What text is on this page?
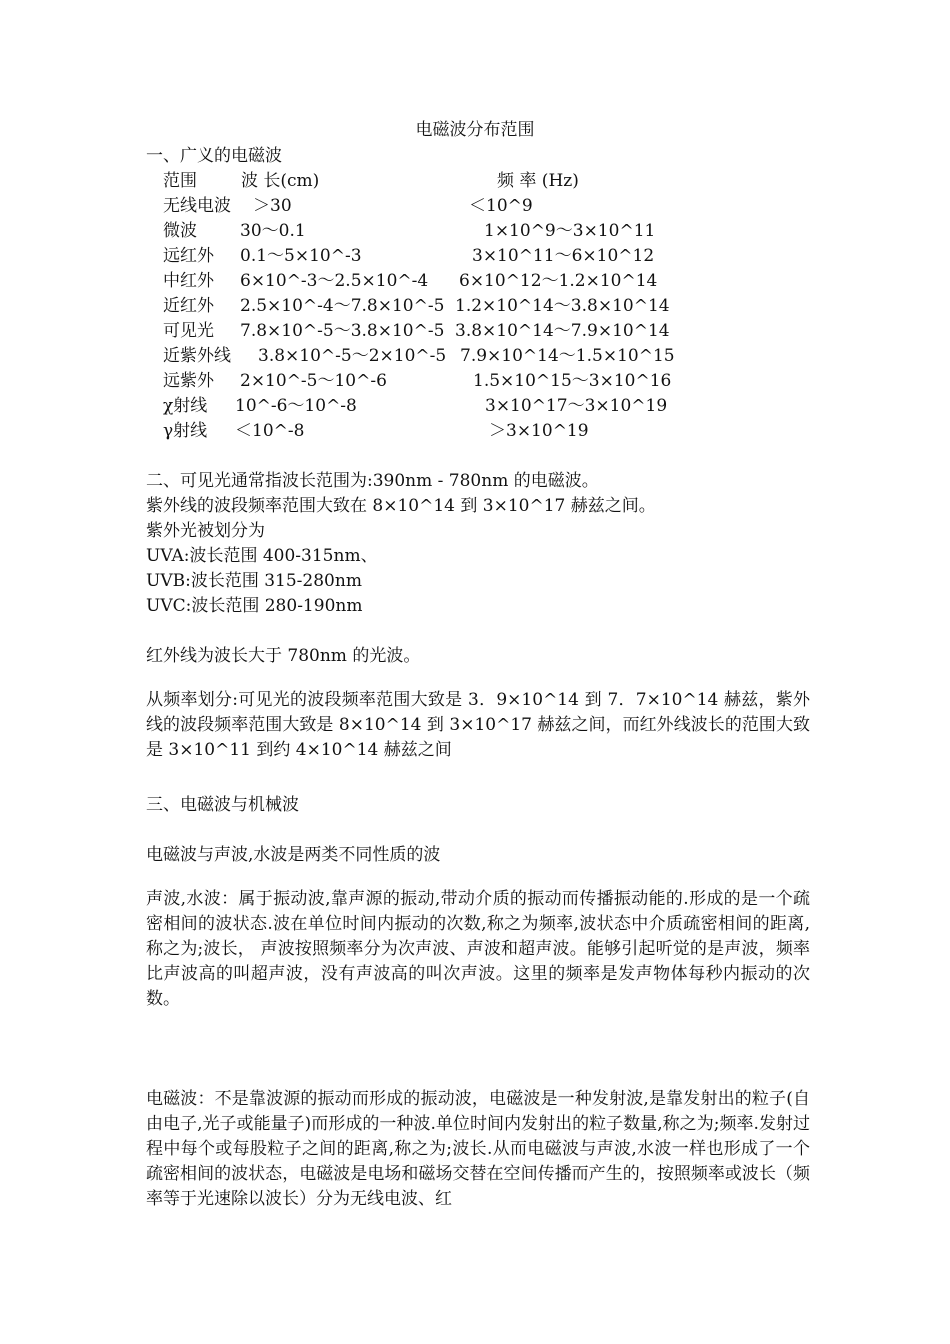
电磁波分布范围
一、广义的电磁波
范围	波 长(cm)	频 率 (Hz)
无线电波 ＞30	＜10^9
微波	30～0.1	1×10^9～3×10^11
远红外 0.1～5×10^-3	3×10^11～6×10^12
中红外 6×10^-3～2.5×10^-4 6×10^12～1.2×10^14
近红外 2.5×10^-4～7.8×10^-5 1.2×10^14～3.8×10^14
可见光 7.8×10^-5～3.8×10^-5 3.8×10^14～7.9×10^14
近紫外线 3.8×10^-5～2×10^-5 7.9×10^14～1.5×10^15
远紫外 2×10^-5～10^-6	1.5×10^15～3×10^16
χ射线 10^-6～10^-8	3×10^17～3×10^19
γ射线 ＜10^-8	＞3×10^19
二、可见光通常指波长范围为:390nm - 780nm 的电磁波。
紫外线的波段频率范围大致在 8×10^14 到 3×10^17 赫兹之间。
紫外光被划分为
UVA:波长范围 400-315nm、
UVB:波长范围 315-280nm
UVC:波长范围 280-190nm
红外线为波长大于 780nm 的光波。
从频率划分:可见光的波段频率范围大致是 3．9×10^14 到 7．7×10^14 赫兹，紫外线的波段频率范围大致是 8×10^14 到 3×10^17 赫兹之间，而红外线波长的范围大致是 3×10^11 到约 4×10^14 赫兹之间
三、电磁波与机械波
电磁波与声波,水波是两类不同性质的波
声波,水波：属于振动波,靠声源的振动,带动介质的振动而传播振动能的.形成的是一个疏密相间的波状态.波在单位时间内振动的次数,称之为频率,波状态中介质疏密相间的距离,称之为;波长， 声波按照频率分为次声波、声波和超声波。能够引起听觉的是声波，频率比声波高的叫超声波，没有声波高的叫次声波。这里的频率是发声物体每秒内振动的次数。
电磁波：不是靠波源的振动而形成的振动波，电磁波是一种发射波,是靠发射出的粒子(自由电子,光子或能量子)而形成的一种波.单位时间内发射出的粒子数量,称之为;频率.发射过程中每个或每股粒子之间的距离,称之为;波长.从而电磁波与声波,水波一样也形成了一个疏密相间的波状态，电磁波是电场和磁场交替在空间传播而产生的，按照频率或波长（频率等于光速除以波长）分为无线电波、红
